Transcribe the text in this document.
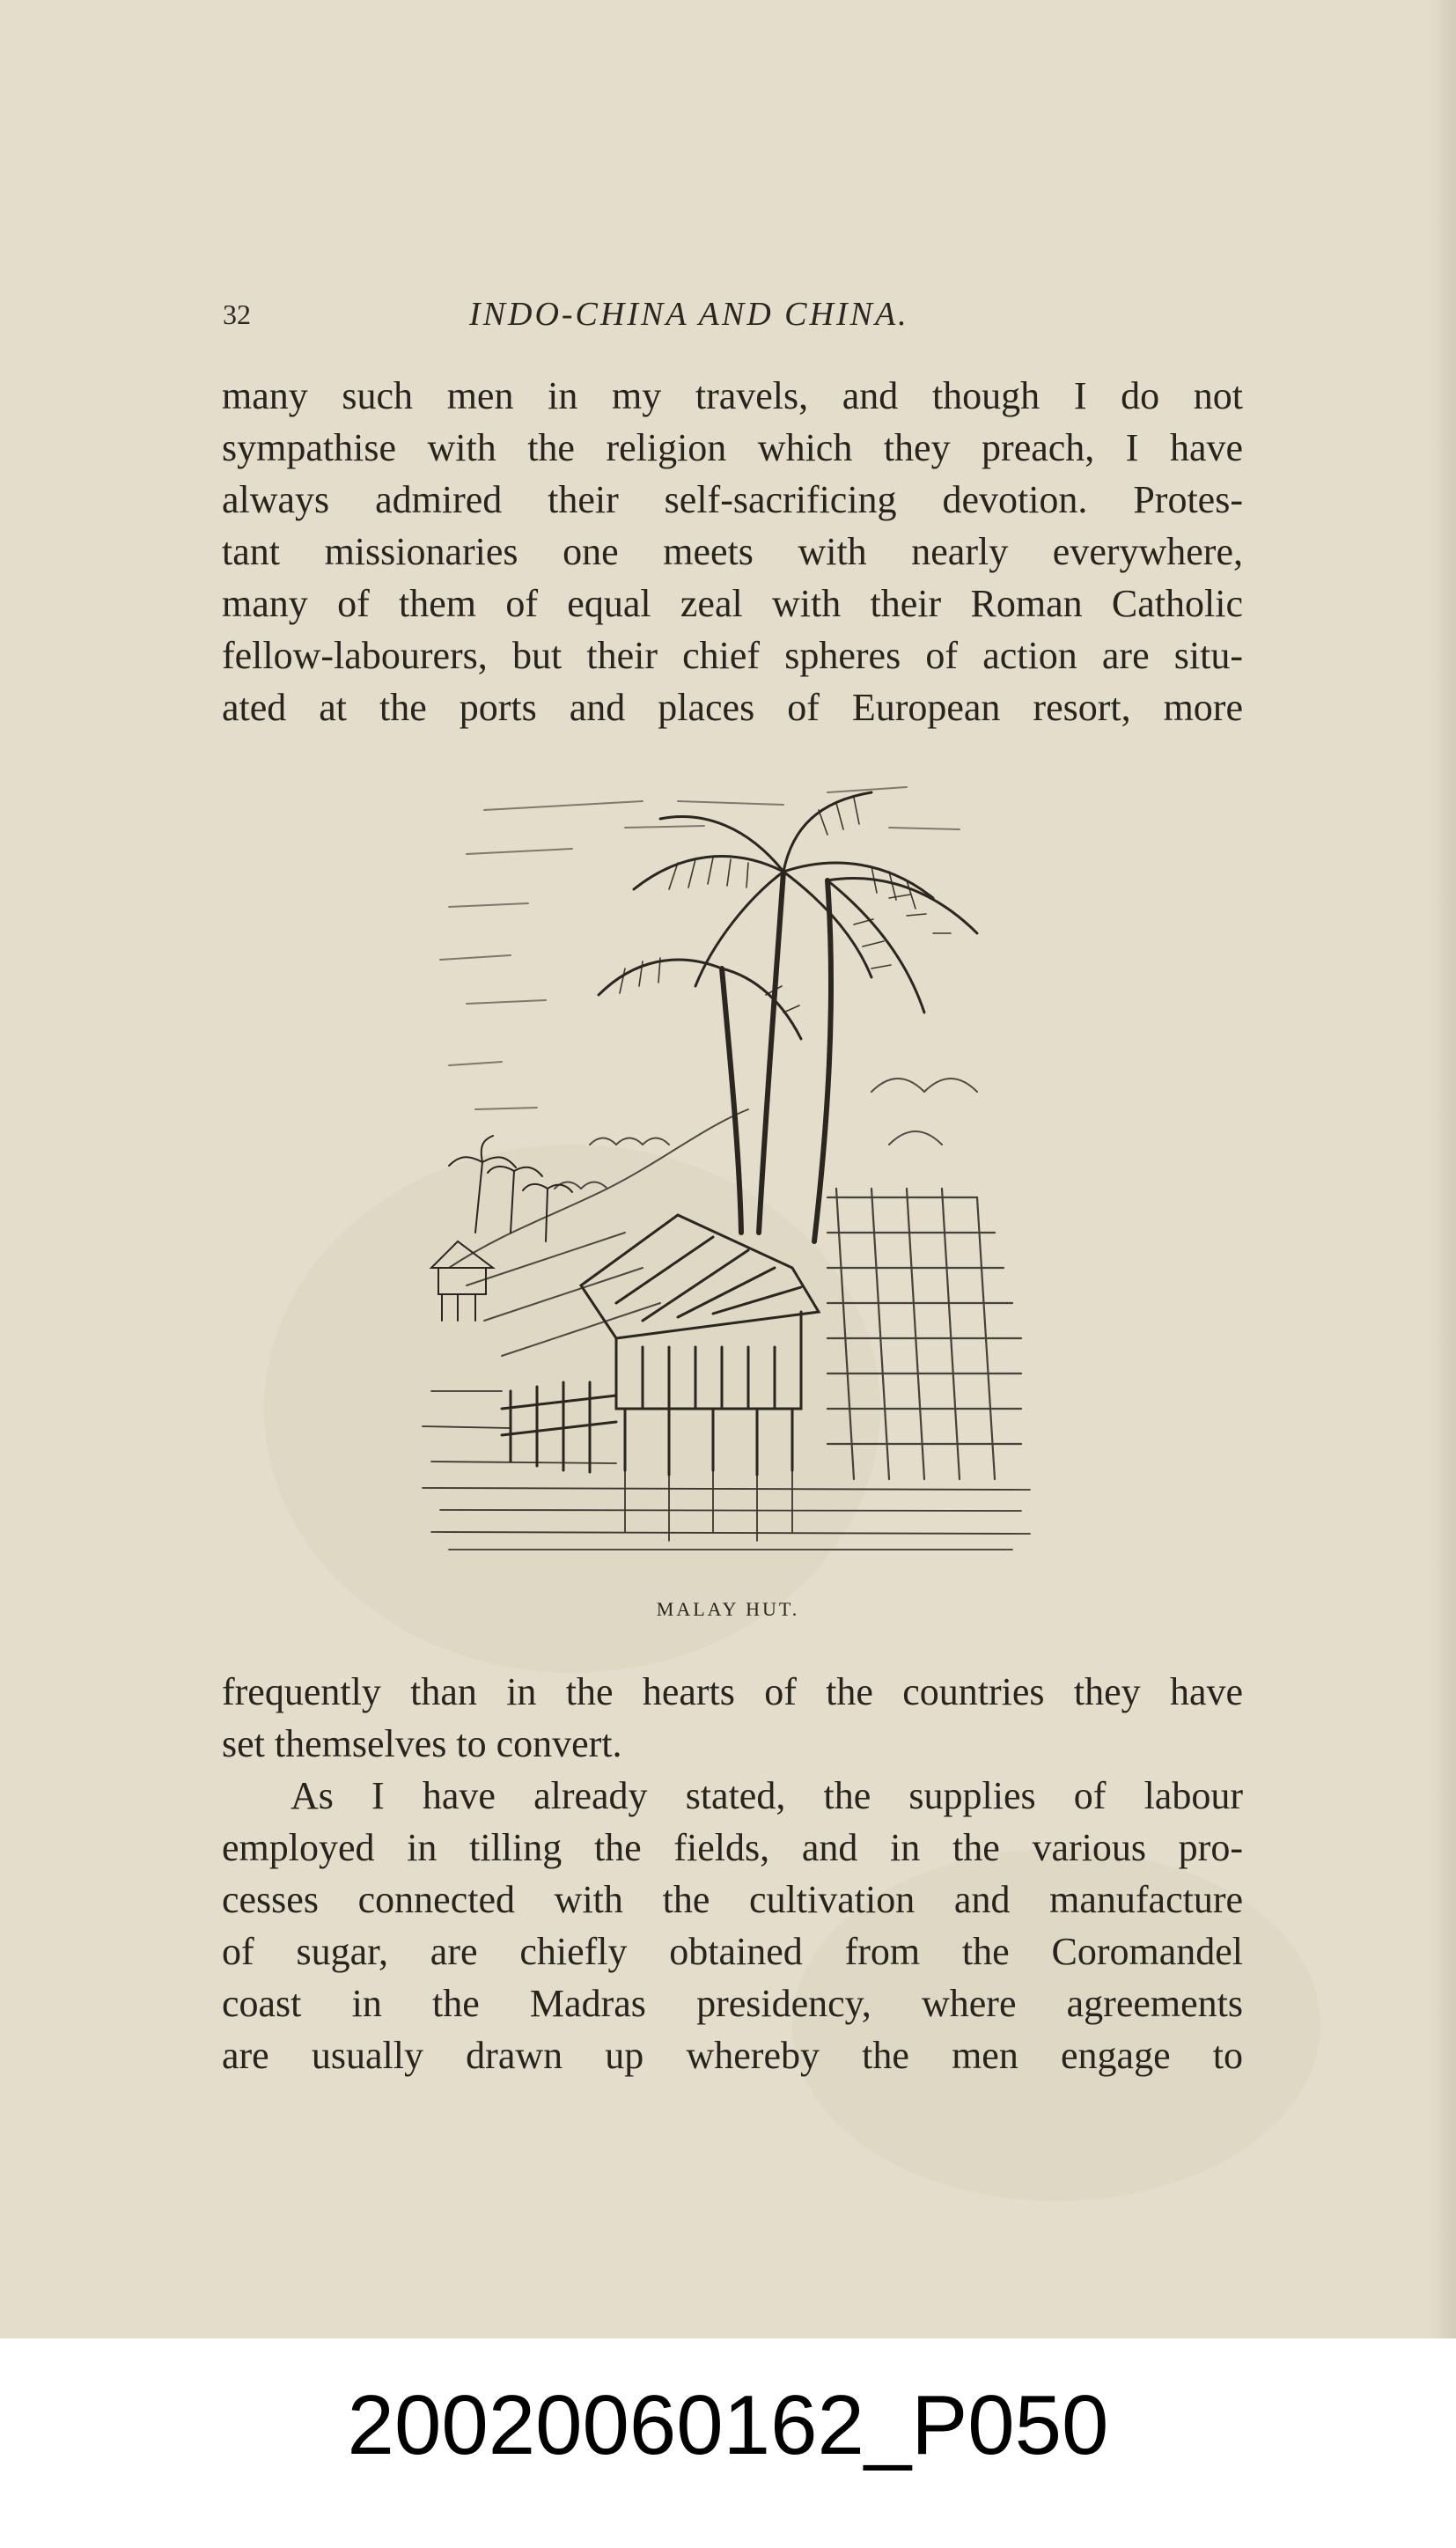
32	INDO-CHINA AND CHINA.
many such men in my travels, and though I do not
sympathise with the religion which they preach, I have
always admired their self-sacrificing devotion. Protes-
tant missionaries one meets with nearly everywhere,
many of them of equal zeal with their Roman Catholic
fellow-labourers, but their chief spheres of action are situ-
ated at the ports and places of European resort, more
MALAY HUT.
frequently than in the hearts of the countries they have
set themselves to convert.
As I have already stated, the supplies of labour
employed in tilling the fields, and in the various pro-
cesses connected with the cultivation and manufacture
of sugar, are chiefly obtained from the Coromandel
coast in the Madras presidency, where agreements
are usually drawn up whereby the men engage to
20020060162_P050
